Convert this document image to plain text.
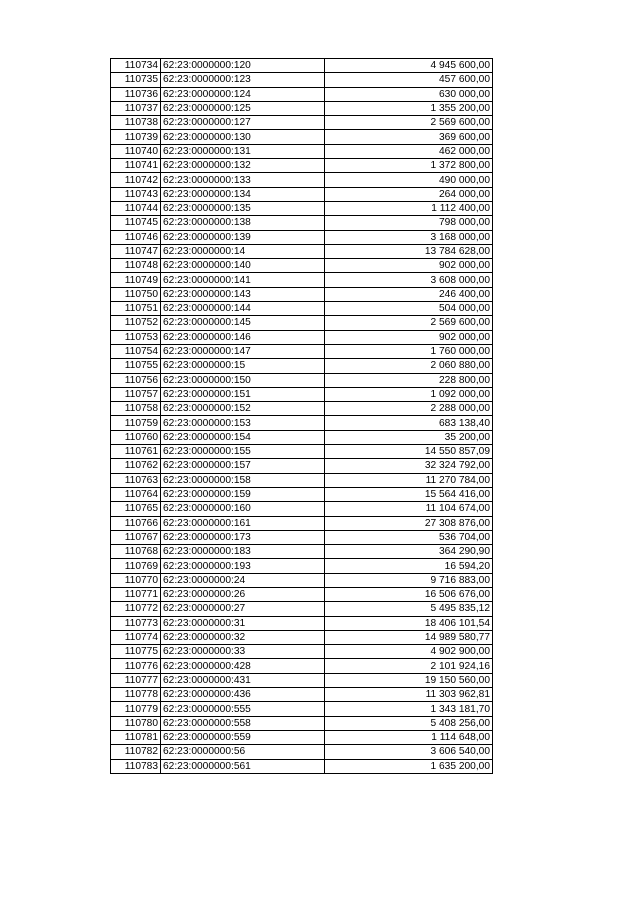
110734	62:23:0000000:120	4 945 600,00
110735	62:23:0000000:123	457 600,00
110736	62:23:0000000:124	630 000,00
110737	62:23:0000000:125	1 355 200,00
110738	62:23:0000000:127	2 569 600,00
110739	62:23:0000000:130	369 600,00
110740	62:23:0000000:131	462 000,00
110741	62:23:0000000:132	1 372 800,00
110742	62:23:0000000:133	490 000,00
110743	62:23:0000000:134	264 000,00
110744	62:23:0000000:135	1 112 400,00
110745	62:23:0000000:138	798 000,00
110746	62:23:0000000:139	3 168 000,00
110747	62:23:0000000:14	13 784 628,00
110748	62:23:0000000:140	902 000,00
110749	62:23:0000000:141	3 608 000,00
110750	62:23:0000000:143	246 400,00
110751	62:23:0000000:144	504 000,00
110752	62:23:0000000:145	2 569 600,00
110753	62:23:0000000:146	902 000,00
110754	62:23:0000000:147	1 760 000,00
110755	62:23:0000000:15	2 060 880,00
110756	62:23:0000000:150	228 800,00
110757	62:23:0000000:151	1 092 000,00
110758	62:23:0000000:152	2 288 000,00
110759	62:23:0000000:153	683 138,40
110760	62:23:0000000:154	35 200,00
110761	62:23:0000000:155	14 550 857,09
110762	62:23:0000000:157	32 324 792,00
110763	62:23:0000000:158	11 270 784,00
110764	62:23:0000000:159	15 564 416,00
110765	62:23:0000000:160	11 104 674,00
110766	62:23:0000000:161	27 308 876,00
110767	62:23:0000000:173	536 704,00
110768	62:23:0000000:183	364 290,90
110769	62:23:0000000:193	16 594,20
110770	62:23:0000000:24	9 716 883,00
110771	62:23:0000000:26	16 506 676,00
110772	62:23:0000000:27	5 495 835,12
110773	62:23:0000000:31	18 406 101,54
110774	62:23:0000000:32	14 989 580,77
110775	62:23:0000000:33	4 902 900,00
110776	62:23:0000000:428	2 101 924,16
110777	62:23:0000000:431	19 150 560,00
110778	62:23:0000000:436	11 303 962,81
110779	62:23:0000000:555	1 343 181,70
110780	62:23:0000000:558	5 408 256,00
110781	62:23:0000000:559	1 114 648,00
110782	62:23:0000000:56	3 606 540,00
110783	62:23:0000000:561	1 635 200,00
